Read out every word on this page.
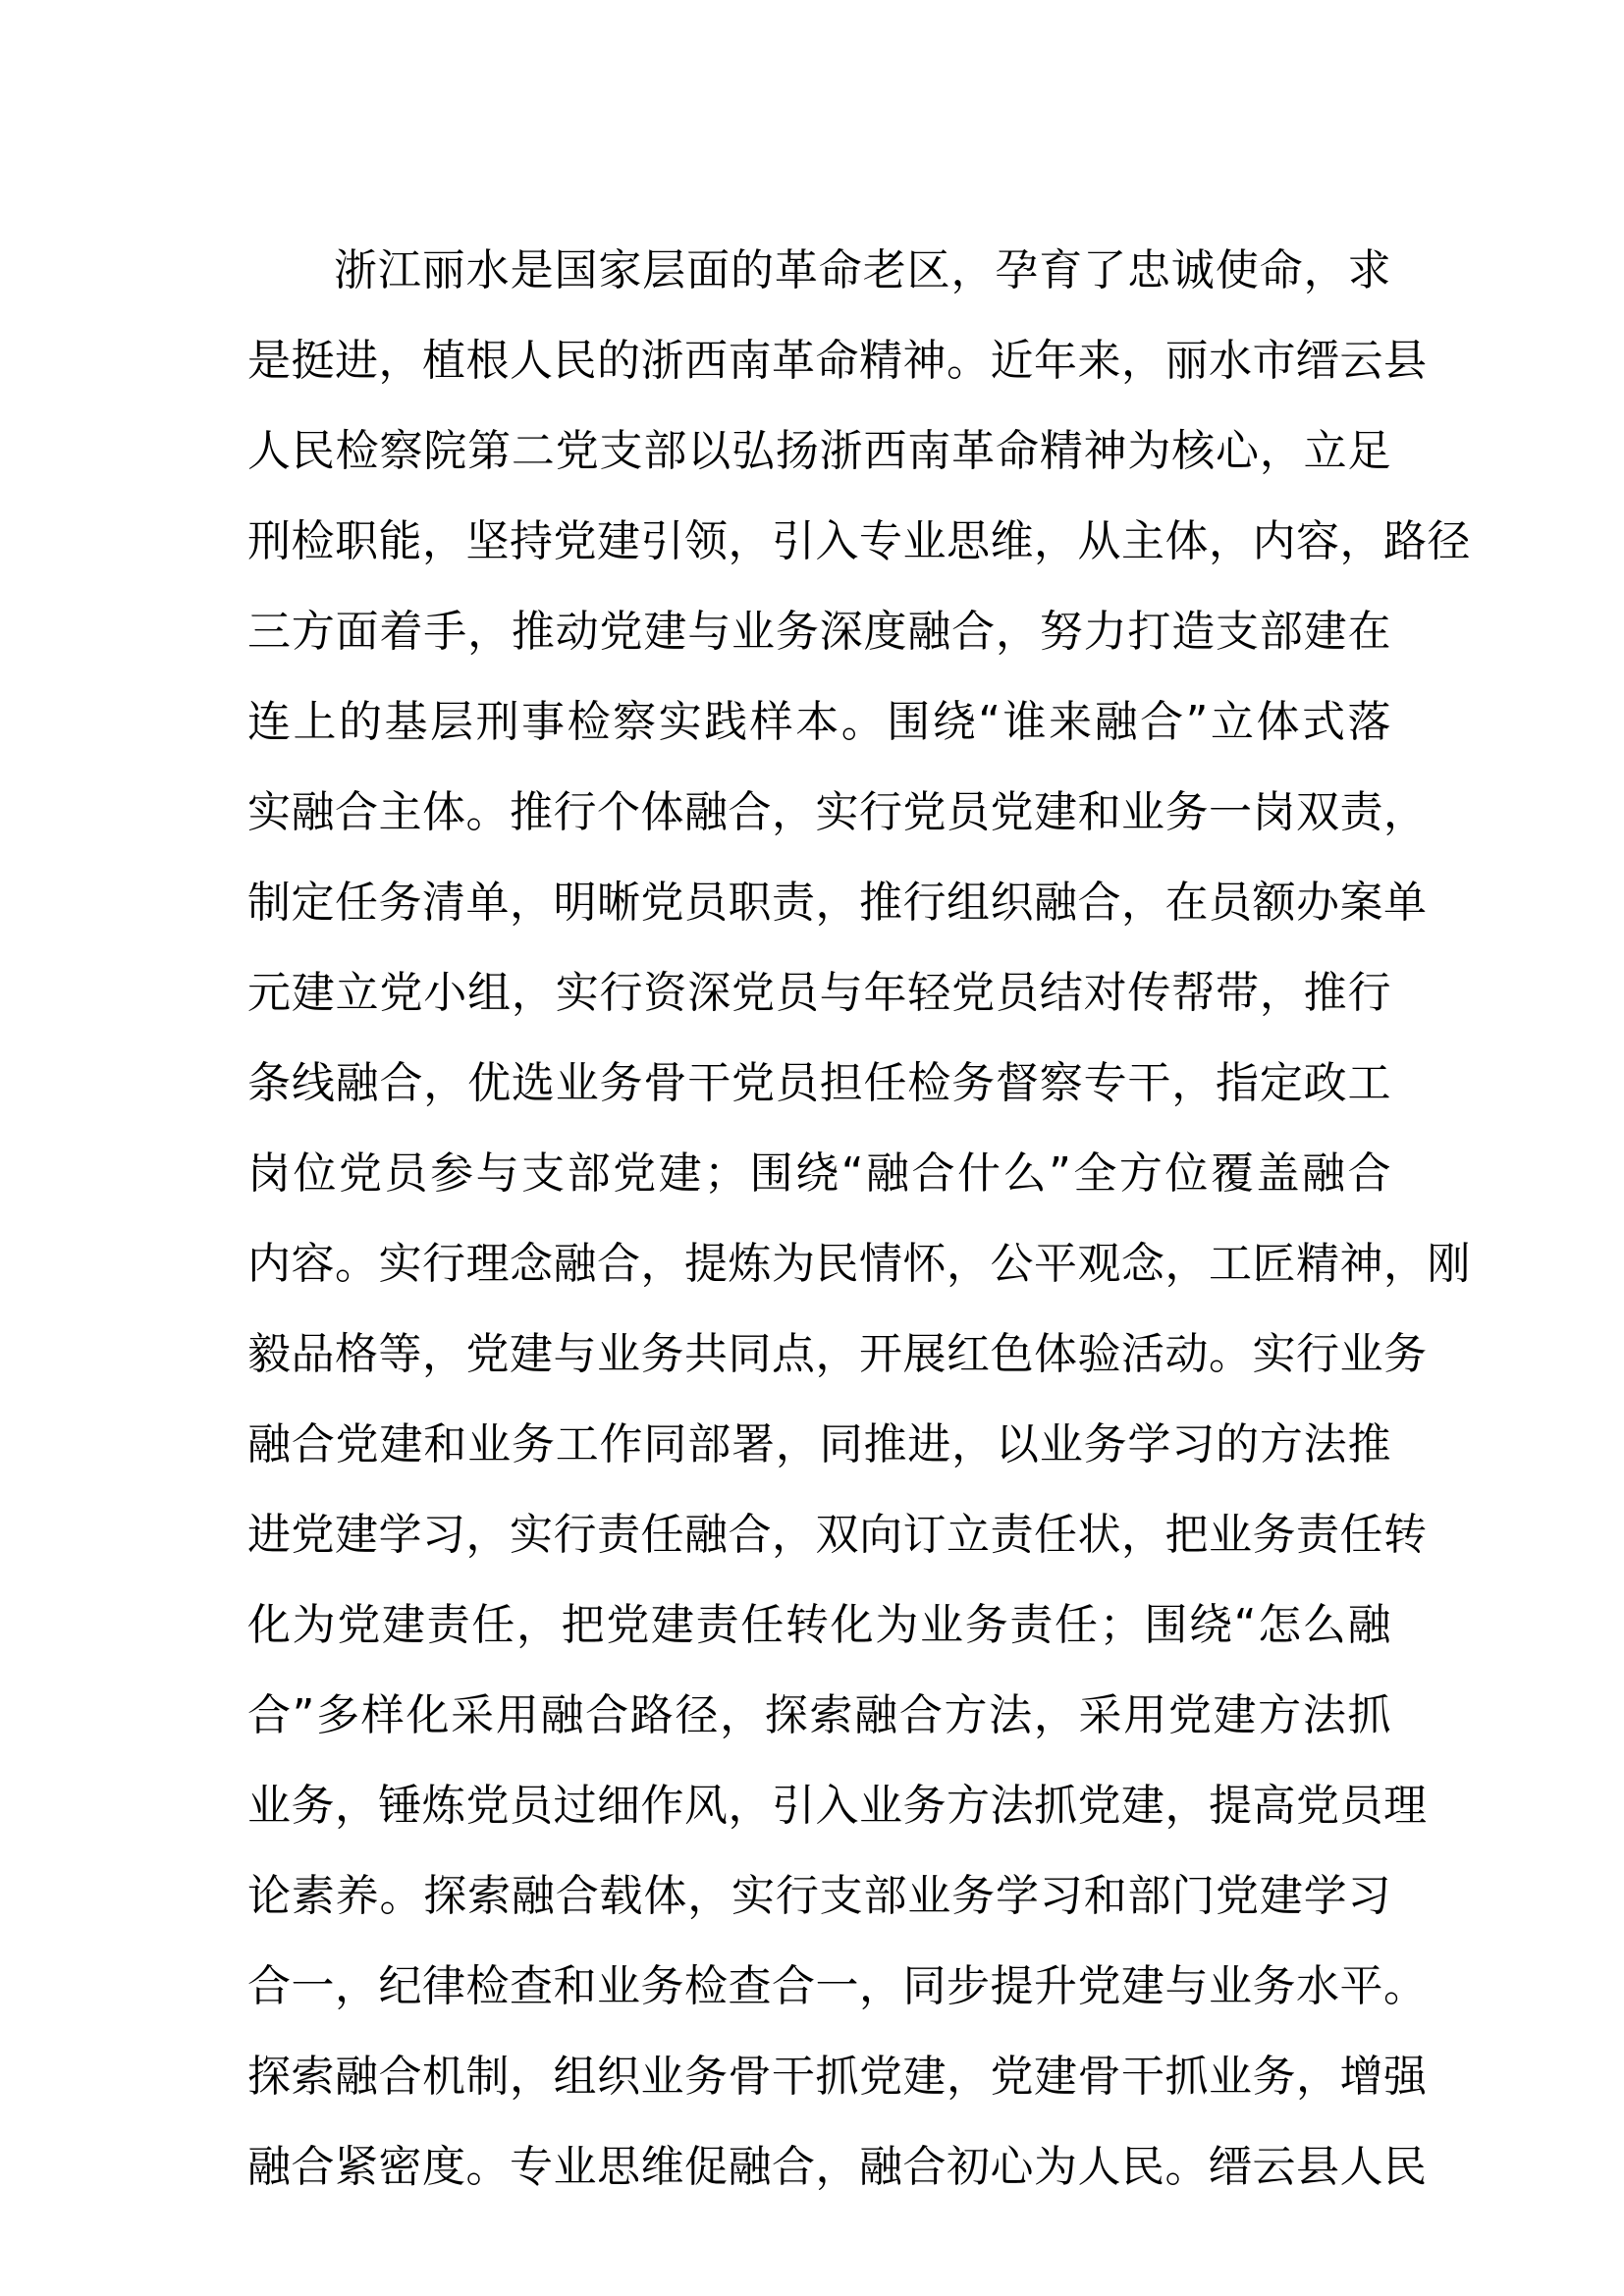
浙江丽水是国家层面的革命老区，孕育了忠诚使命，求
是挺进，植根人民的浙西南革命精神。近年来，丽水市缙云县
人民检察院第二党支部以弘扬浙西南革命精神为核心，立足
刑检职能，坚持党建引领，引入专业思维，从主体，内容，路径
三方面着手，推动党建与业务深度融合，努力打造支部建在
连上的基层刑事检察实践样本。围绕“谁来融合”立体式落
实融合主体。推行个体融合，实行党员党建和业务一岗双责，
制定任务清单，明晰党员职责，推行组织融合，在员额办案单
元建立党小组，实行资深党员与年轻党员结对传帮带，推行
条线融合，优选业务骨干党员担任检务督察专干，指定政工
岗位党员参与支部党建；围绕“融合什么”全方位覆盖融合
内容。实行理念融合，提炼为民情怀，公平观念，工匠精神，刚
毅品格等，党建与业务共同点，开展红色体验活动。实行业务
融合党建和业务工作同部署，同推进，以业务学习的方法推
进党建学习，实行责任融合，双向订立责任状，把业务责任转
化为党建责任，把党建责任转化为业务责任；围绕“怎么融
合”多样化采用融合路径，探索融合方法，采用党建方法抓
业务，锤炼党员过细作风，引入业务方法抓党建，提高党员理
论素养。探索融合载体，实行支部业务学习和部门党建学习
合一，纪律检查和业务检查合一，同步提升党建与业务水平。
探索融合机制，组织业务骨干抓党建，党建骨干抓业务，增强
融合紧密度。专业思维促融合，融合初心为人民。缙云县人民
